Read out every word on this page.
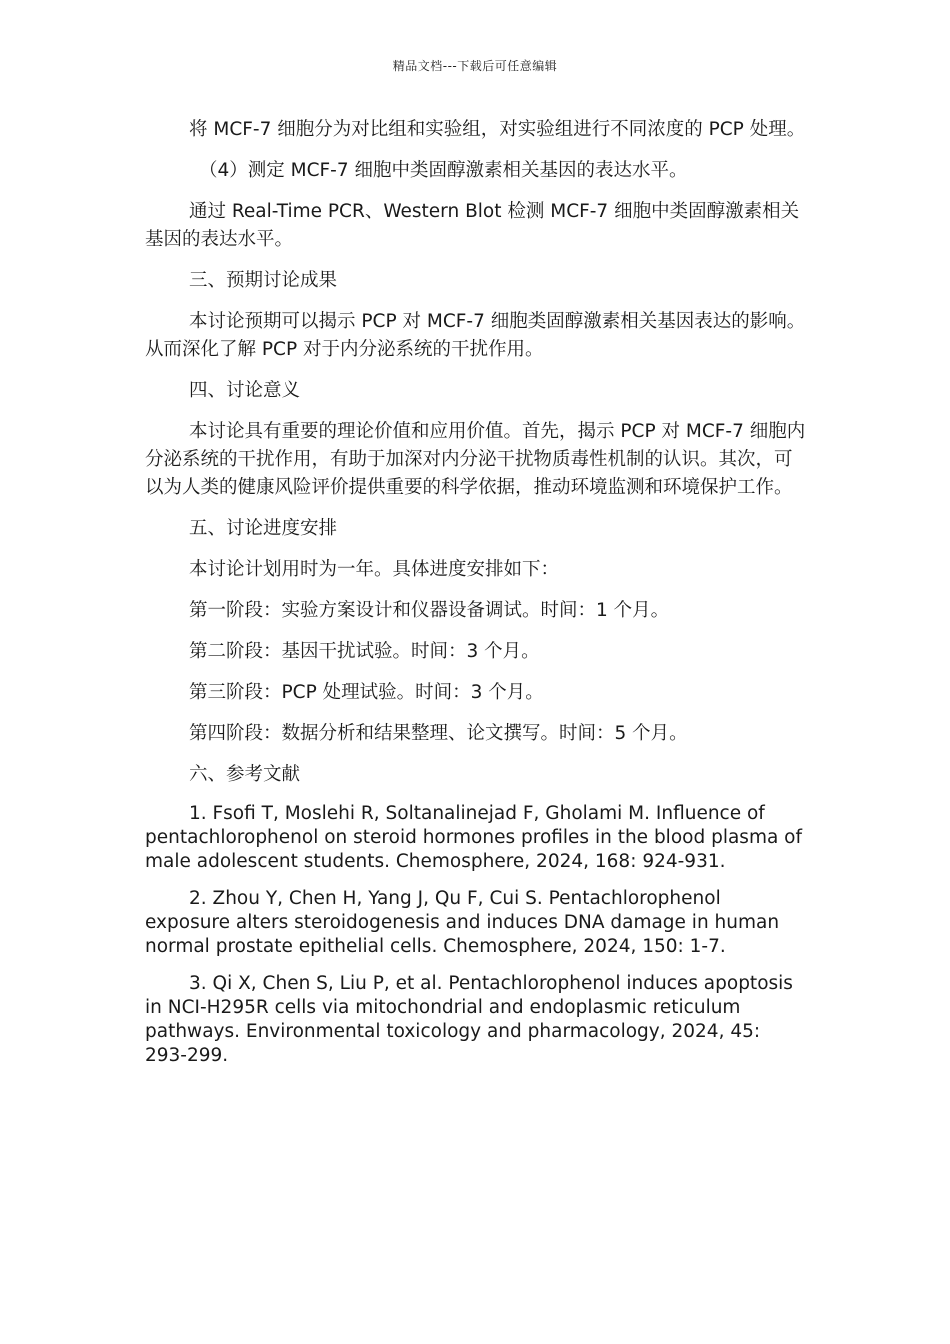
精品文档---下载后可任意编辑

将 MCF-7 细胞分为对比组和实验组，对实验组进行不同浓度的 PCP 处理。

（4）测定 MCF-7 细胞中类固醇激素相关基因的表达水平。

通过 Real-Time PCR、Western Blot 检测 MCF-7 细胞中类固醇激素相关基因的表达水平。

三、预期讨论成果

本讨论预期可以揭示 PCP 对 MCF-7 细胞类固醇激素相关基因表达的影响。从而深化了解 PCP 对于内分泌系统的干扰作用。

四、讨论意义

本讨论具有重要的理论价值和应用价值。首先，揭示 PCP 对 MCF-7 细胞内分泌系统的干扰作用，有助于加深对内分泌干扰物质毒性机制的认识。其次，可以为人类的健康风险评价提供重要的科学依据，推动环境监测和环境保护工作。

五、讨论进度安排

本讨论计划用时为一年。具体进度安排如下：

第一阶段：实验方案设计和仪器设备调试。时间：1 个月。

第二阶段：基因干扰试验。时间：3 个月。

第三阶段：PCP 处理试验。时间：3 个月。

第四阶段：数据分析和结果整理、论文撰写。时间：5 个月。

六、参考文献

1. Fsofi T, Moslehi R, Soltanalinejad F, Gholami M. Influence of pentachlorophenol on steroid hormones profiles in the blood plasma of male adolescent students. Chemosphere, 2024, 168: 924-931.

2. Zhou Y, Chen H, Yang J, Qu F, Cui S. Pentachlorophenol exposure alters steroidogenesis and induces DNA damage in human normal prostate epithelial cells. Chemosphere, 2024, 150: 1-7.

3. Qi X, Chen S, Liu P, et al. Pentachlorophenol induces apoptosis in NCI-H295R cells via mitochondrial and endoplasmic reticulum pathways. Environmental toxicology and pharmacology, 2024, 45: 293-299.
